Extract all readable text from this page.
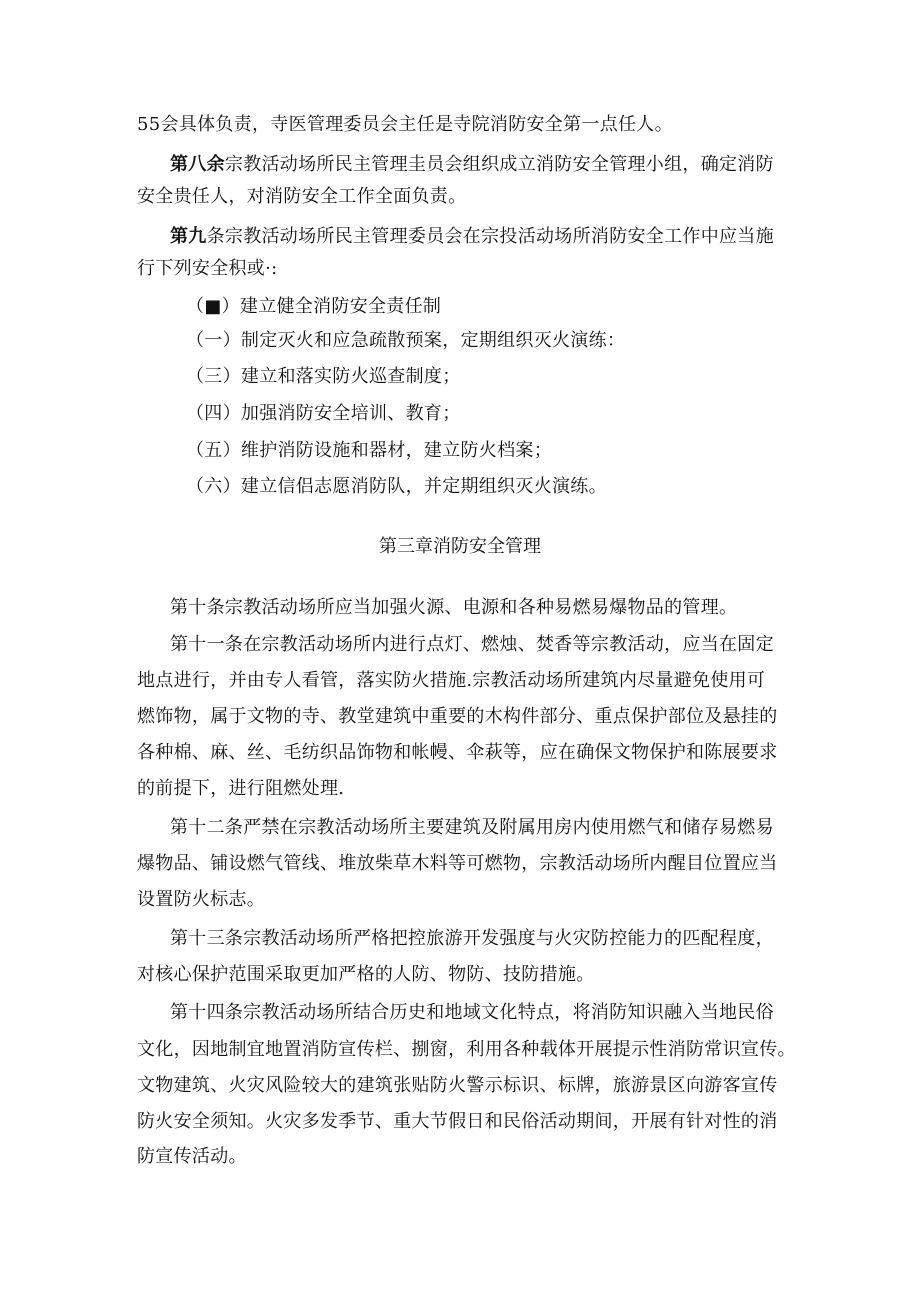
55会具体负责，寺医管理委员会主任是寺院消防安全第一点任人。
第八余宗教活动场所民主管理圭员会组织成立消防安全管理小组，确定消防
安全贵任人，对消防安全工作全面负责。
第九条宗教活动场所民主管理委员会在宗投活动场所消防安全工作中应当施
行下列安全积或·:
（■）建立健全消防安全责任制
（一）制定灭火和应急疏散预案，定期组织灭火演练：
（三）建立和落实防火巡查制度；
（四）加强消防安全培训、教育；
（五）维护消防设施和器材，建立防火档案；
（六）建立信侣志愿消防队，并定期组织灭火演练。
第三章消防安全管理
第十条宗教活动场所应当加强火源、电源和各种易燃易爆物品的管理。
第十一条在宗教活动场所内进行点灯、燃烛、焚香等宗教活动，应当在固定
地点进行，并由专人看管，落实防火措施.宗教活动场所建筑内尽量避免使用可
燃饰物，属于文物的寺、教堂建筑中重要的木构件部分、重点保护部位及悬挂的
各种棉、麻、丝、毛纺织品饰物和帐幔、伞萩等，应在确保文物保护和陈展要求
的前提下，进行阻燃处理.
第十二条严禁在宗教活动场所主要建筑及附属用房内使用燃气和储存易燃易
爆物品、铺设燃气管线、堆放柴草木料等可燃物，宗教活动场所内醒目位置应当
设置防火标志。
第十三条宗教活动场所严格把控旅游开发强度与火灾防控能力的匹配程度，
对核心保护范围采取更加严格的人防、物防、技防措施。
第十四条宗教活动场所结合历史和地域文化特点，将消防知识融入当地民俗
文化，因地制宜地置消防宣传栏、捌窗，利用各种载体开展提示性消防常识宣传。
文物建筑、火灾风险较大的建筑张贴防火警示标识、标牌，旅游景区向游客宣传
防火安全须知。火灾多发季节、重大节假日和民俗活动期间，开展有针对性的消
防宣传活动。
